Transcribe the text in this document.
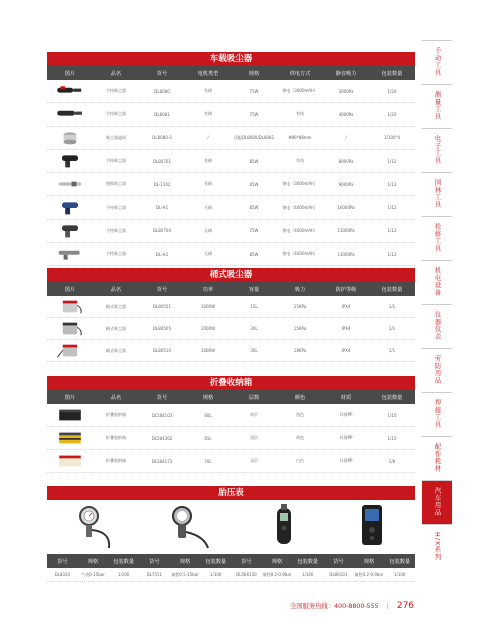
车载吸尘器
图片	品名	货号	电机类型	规格	供电方式	静音吸力	包装数量
手持吸尘器	DL8080	有刷	75W	锂电（3000mAh）	3000Pa	1/20
手持吸尘器	DL8081	有刷	75W	有线	4000Pa	1/20
吸尘器滤网	DL8080-3	/	适配DL8080/DL8081	Φ96*88mm	/	1/100*4
手持吸尘器	DL80701	有刷	85W	有线	8000Pa	1/12
便携吸尘器	DL-1102	有刷	65W	锂电（3000mAh）	9000Pa	1/12
手持吸尘器	DL-H1	无刷	85W	锂电（4000mAh）	16000Pa	1/12
手持吸尘器	DL80704	无刷	75W	锂电（4000mAh）	11000Pa	1/12
手持吸尘器	DL-H2	无刷	85W	锂电（4000mAh）	13000Pa	1/12
桶式吸尘器
图片	品名	货号	功率	容量	吸力	防护等级	包装数量
桶式吸尘器	DL80501	1000W	15L	15KPa	IPX4	1/1
桶式吸尘器	DL80505	1000W	30L	15KPa	IPX4	1/1
桶式吸尘器	DL80510	1000W	35L	18KPa	IPX4	1/1
折叠收纳箱
图片	品名	货号	规格	层数	颜色	材质	包装数量
折叠收纳箱	DL584103	60L	单层	黑色	环保PP	1/10
折叠收纳箱	DL584302	65L	双层	黄色	环保PP	1/10
折叠收纳箱	DL584173	70L	双层	白色	环保PP	1/8
胎压表
货号	规格	包装数量	货号	规格	包装数量	货号	规格	包装数量	货号	规格	包装数量
DL8320	气表0-15bar	1/100	DL7511	量程0.5-15bar	1/100	DL566150	量程0.2-0.9bar	1/100	DL86101	量程0.2-0.9bar	1/100
手动工具
测量工具
电子工具
园林工具
检修工具
机电设备
仪器仪表
劳防用品
焊接工具
配件耗材
汽车用品
H/X系列
全国服务热线：400-8800-555 | 276
